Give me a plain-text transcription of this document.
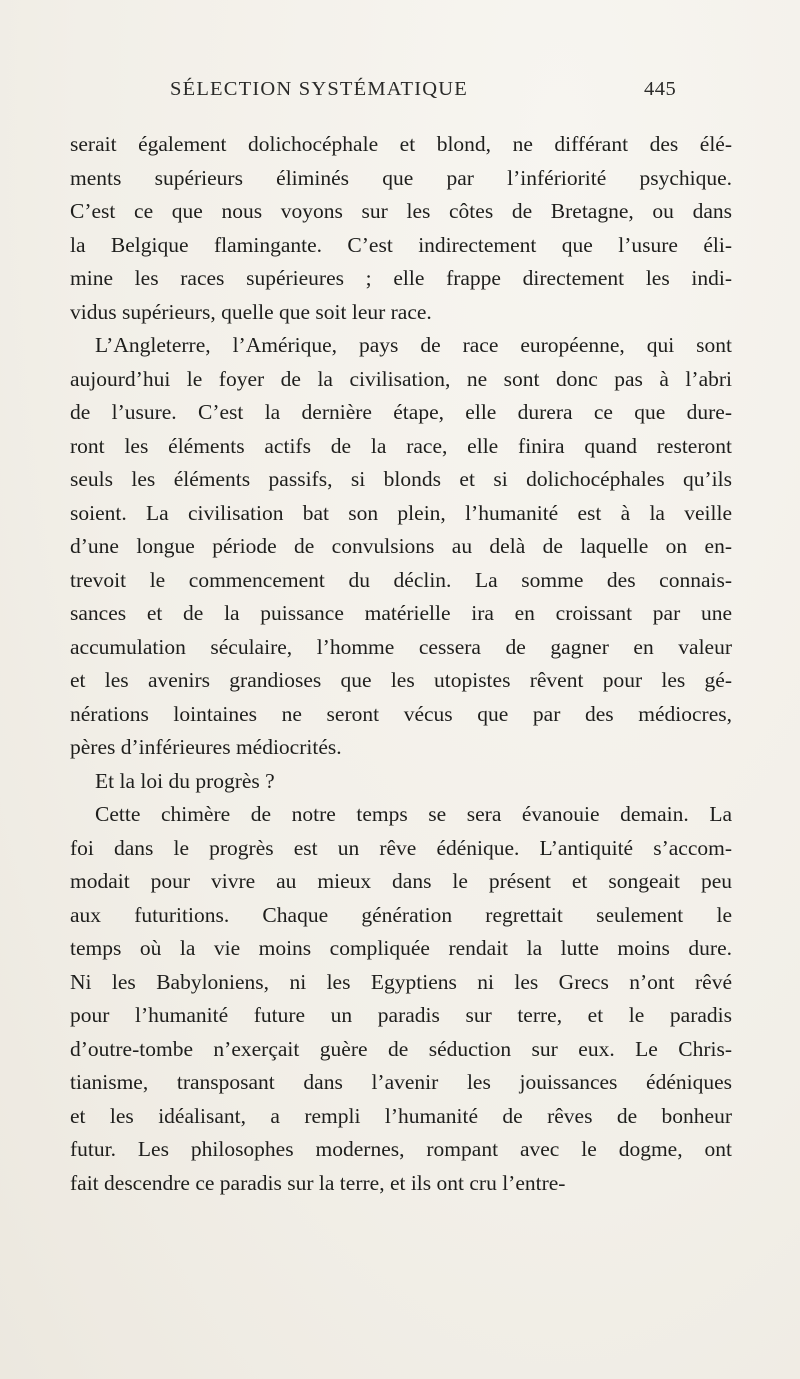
SÉLECTION SYSTÉMATIQUE	445
serait également dolichocéphale et blond, ne différant des élé-
ments supérieurs éliminés que par l’infériorité psychique.
C’est ce que nous voyons sur les côtes de Bretagne, ou dans
la Belgique flamingante. C’est indirectement que l’usure éli-
mine les races supérieures ; elle frappe directement les indi-
vidus supérieurs, quelle que soit leur race.
L’Angleterre, l’Amérique, pays de race européenne, qui sont
aujourd’hui le foyer de la civilisation, ne sont donc pas à l’abri
de l’usure. C’est la dernière étape, elle durera ce que dure-
ront les éléments actifs de la race, elle finira quand resteront
seuls les éléments passifs, si blonds et si dolichocéphales qu’ils
soient. La civilisation bat son plein, l’humanité est à la veille
d’une longue période de convulsions au delà de laquelle on en-
trevoit le commencement du déclin. La somme des connais-
sances et de la puissance matérielle ira en croissant par une
accumulation séculaire, l’homme cessera de gagner en valeur
et les avenirs grandioses que les utopistes rêvent pour les gé-
nérations lointaines ne seront vécus que par des médiocres,
pères d’inférieures médiocrités.
Et la loi du progrès ?
Cette chimère de notre temps se sera évanouie demain. La
foi dans le progrès est un rêve édénique. L’antiquité s’accom-
modait pour vivre au mieux dans le présent et songeait peu
aux futuritions. Chaque génération regrettait seulement le
temps où la vie moins compliquée rendait la lutte moins dure.
Ni les Babyloniens, ni les Egyptiens ni les Grecs n’ont rêvé
pour l’humanité future un paradis sur terre, et le paradis
d’outre-tombe n’exerçait guère de séduction sur eux. Le Chris-
tianisme, transposant dans l’avenir les jouissances édéniques
et les idéalisant, a rempli l’humanité de rêves de bonheur
futur. Les philosophes modernes, rompant avec le dogme, ont
fait descendre ce paradis sur la terre, et ils ont cru l’entre-
